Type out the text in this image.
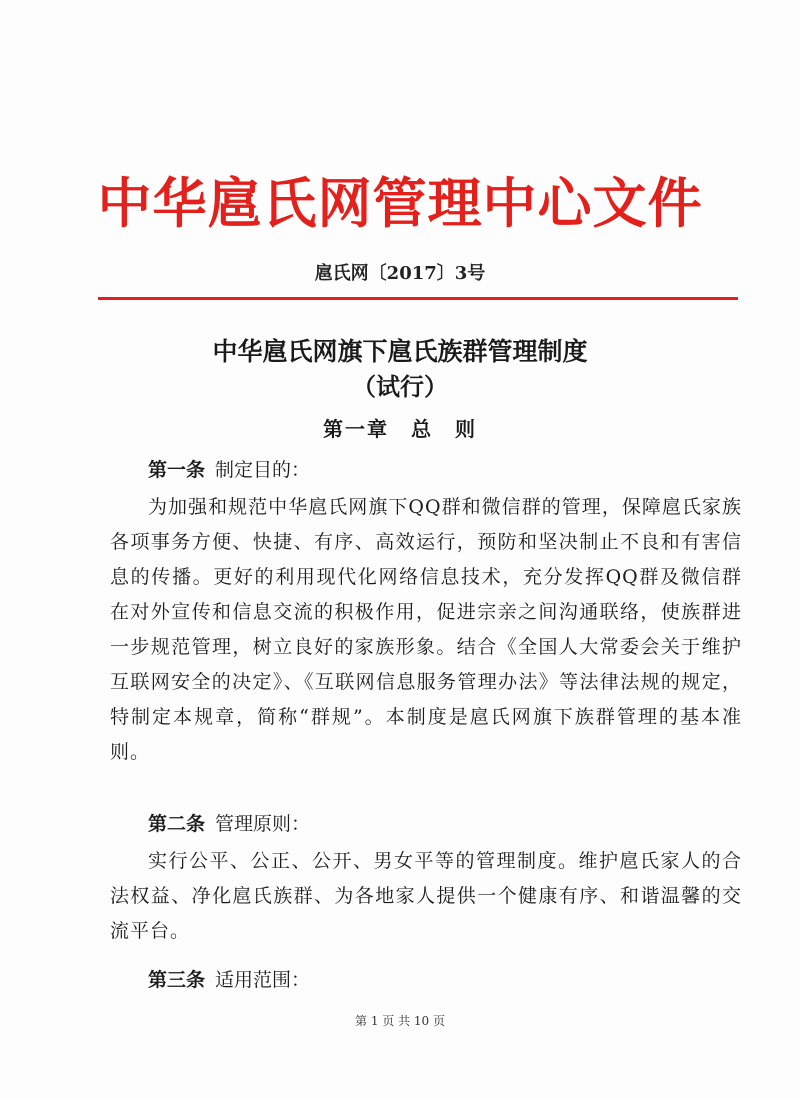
中华扈氏网管理中心文件
扈氏网〔2017〕3号
中华扈氏网旗下扈氏族群管理制度
（试行）
第一章　总　则
第一条 制定目的：
为加强和规范中华扈氏网旗下QQ群和微信群的管理，保障扈氏家族各项事务方便、快捷、有序、高效运行，预防和坚决制止不良和有害信息的传播。更好的利用现代化网络信息技术，充分发挥QQ群及微信群在对外宣传和信息交流的积极作用，促进宗亲之间沟通联络，使族群进一步规范管理，树立良好的家族形象。结合《全国人大常委会关于维护互联网安全的决定》、《互联网信息服务管理办法》等法律法规的规定，特制定本规章，简称“群规”。本制度是扈氏网旗下族群管理的基本准则。
第二条 管理原则：
实行公平、公正、公开、男女平等的管理制度。维护扈氏家人的合法权益、净化扈氏族群、为各地家人提供一个健康有序、和谐温馨的交流平台。
第三条 适用范围：
第 1 页 共 10 页
